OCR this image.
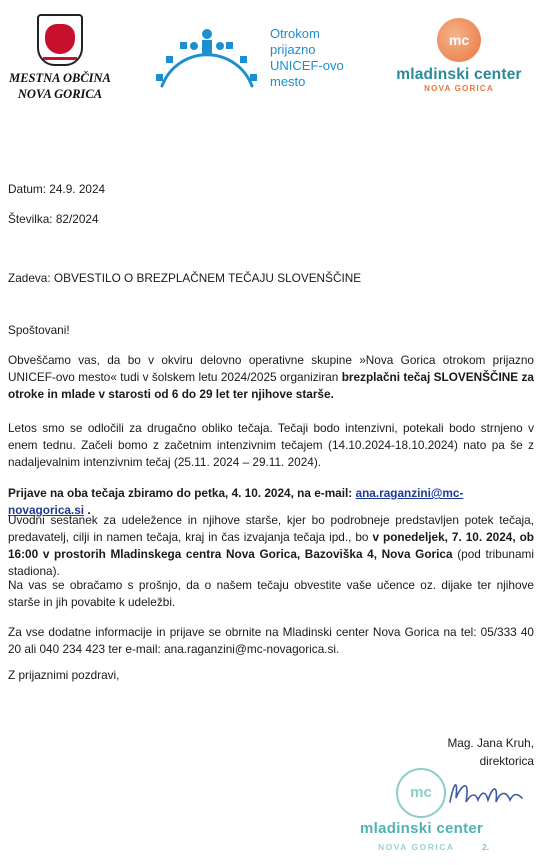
MESTNA OBČINA
NOVA GORICA
Otrokom
prijazno
UNICEF-ovo
mesto
mc
mladinski center
NOVA GORICA
Datum: 24.9. 2024
Številka: 82/2024
Zadeva: OBVESTILO O BREZPLAČNEM TEČAJU SLOVENŠČINE
Spoštovani!
Obveščamo vas, da bo v okviru delovno operativne skupine »Nova Gorica otrokom prijazno UNICEF-ovo mesto« tudi v šolskem letu 2024/2025 organiziran brezplačni tečaj SLOVENŠČINE za otroke in mlade v starosti od 6 do 29 let ter njihove starše.
Letos smo se odločili za drugačno obliko tečaja. Tečaji bodo intenzivni, potekali bodo strnjeno v enem tednu. Začeli bomo z začetnim intenzivnim tečajem (14.10.2024-18.10.2024) nato pa še z nadaljevalnim intenzivnim tečaj (25.11. 2024 – 29.11. 2024).
Prijave na oba tečaja zbiramo do petka, 4. 10. 2024, na e-mail: ana.raganzini@mc-novagorica.si .
Uvodni sestanek za udeležence in njihove starše, kjer bo podrobneje predstavljen potek tečaja, predavatelj, cilji in namen tečaja, kraj in čas izvajanja tečaja ipd., bo v ponedeljek, 7. 10. 2024, ob 16:00 v prostorih Mladinskega centra Nova Gorica, Bazoviška 4, Nova Gorica (pod tribunami stadiona).
Na vas se obračamo s prošnjo, da o našem tečaju obvestite vaše učence oz. dijake ter njihove starše in jih povabite k udeležbi.
Za vse dodatne informacije in prijave se obrnite na Mladinski center Nova Gorica na tel: 05/333 40 20 ali 040 234 423 ter e-mail: ana.raganzini@mc-novagorica.si.
Z prijaznimi pozdravi,
Mag. Jana Kruh,
direktorica
mc
mladinski center
NOVA GORICA	2.
